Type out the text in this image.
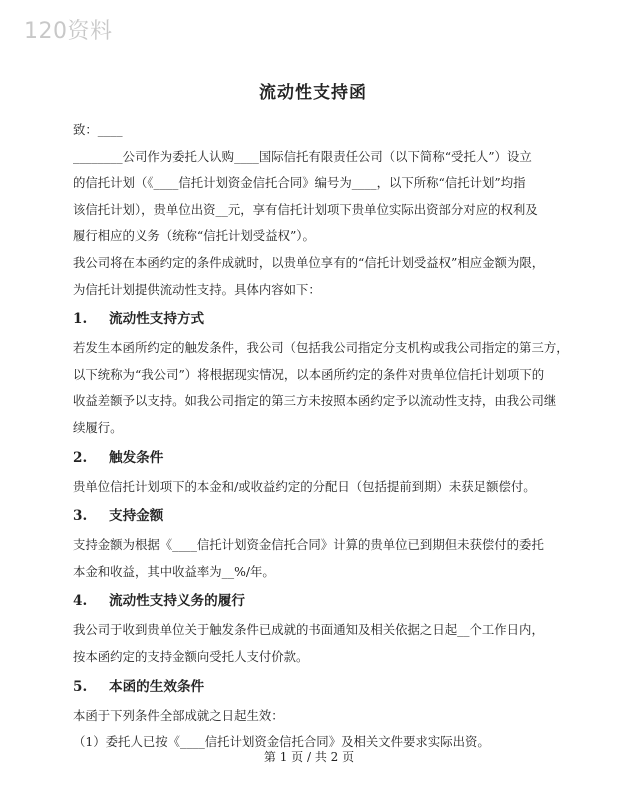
120资料
流动性支持函

致：____

________公司作为委托人认购____国际信托有限责任公司（以下简称“受托人”）设立

的信托计划（《____信托计划资金信托合同》编号为____，以下所称“信托计划”均指

该信托计划），贵单位出资__元，享有信托计划项下贵单位实际出资部分对应的权利及

履行相应的义务（统称“信托计划受益权”）。

我公司将在本函约定的条件成就时，以贵单位享有的“信托计划受益权”相应金额为限，

为信托计划提供流动性支持。具体内容如下：

1. 流动性支持方式

若发生本函所约定的触发条件，我公司（包括我公司指定分支机构或我公司指定的第三方，

以下统称为“我公司”）将根据现实情况，以本函所约定的条件对贵单位信托计划项下的

收益差额予以支持。如我公司指定的第三方未按照本函约定予以流动性支持，由我公司继

续履行。

2. 触发条件

贵单位信托计划项下的本金和/或收益约定的分配日（包括提前到期）未获足额偿付。

3. 支持金额

支持金额为根据《____信托计划资金信托合同》计算的贵单位已到期但未获偿付的委托

本金和收益，其中收益率为__%/年。

4. 流动性支持义务的履行

我公司于收到贵单位关于触发条件已成就的书面通知及相关依据之日起__个工作日内，

按本函约定的支持金额向受托人支付价款。

5. 本函的生效条件

本函于下列条件全部成就之日起生效：

（1）委托人已按《____信托计划资金信托合同》及相关文件要求实际出资。

第 1 页 / 共 2 页
